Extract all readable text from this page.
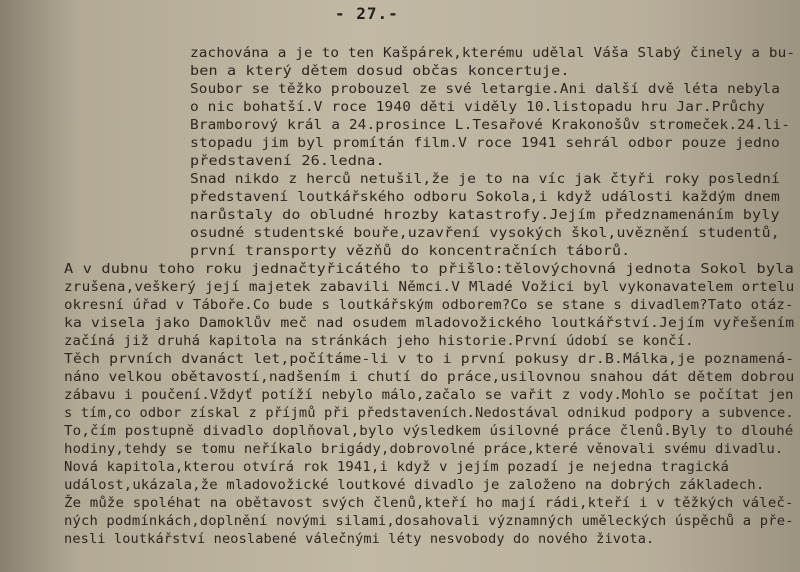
- 27.-
zachována a je to ten Kašpárek,kterému udělal Váša Slabý činely a bu-
ben a který dětem dosud občas koncertuje.
Soubor se těžko probouzel ze své letargie.Ani další dvě léta nebyla
o nic bohatší.V roce 1940 děti viděly 10.listopadu hru Jar.Průchy
Bramborový král a 24.prosince L.Tesařové Krakonošův stromeček.24.li-
stopadu jim byl promítán film.V roce 1941 sehrál odbor pouze jedno
představení 26.ledna.
Snad nikdo z herců netušil,že je to na víc jak čtyři roky poslední
představení loutkářského odboru Sokola,i když události každým dnem
narůstaly do obludné hrozby katastrofy.Jejím předznamenáním byly
osudné studentské bouře,uzavření vysokých škol,uvěznění studentů,
první transporty vězňů do koncentračních táborů.
A v dubnu toho roku jednačtyřicátého to přišlo:tělovýchovná jednota Sokol byla
zrušena,veškerý její majetek zabavili Němci.V Mladé Vožici byl vykonavatelem ortelu
okresní úřad v Táboře.Co bude s loutkářským odborem?Co se stane s divadlem?Tato otáz-
ka visela jako Damoklův meč nad osudem mladovožického loutkářství.Jejím vyřešením
začíná již druhá kapitola na stránkách jeho historie.První údobí se končí.
Těch prvních dvanáct let,počítáme-li v to i první pokusy dr.B.Málka,je poznamená-
náno velkou obětavostí,nadšením i chutí do práce,usilovnou snahou dát dětem dobrou
zábavu i poučení.Vždyť potíží nebylo málo,začalo se vařit z vody.Mohlo se počítat jen
s tím,co odbor získal z příjmů při představeních.Nedostával odnikud podpory a subvence.
To,čím postupně divadlo doplňoval,bylo výsledkem úsilovné práce členů.Byly to dlouhé
hodiny,tehdy se tomu neříkalo brigády,dobrovolné práce,které věnovali svému divadlu.
Nová kapitola,kterou otvírá rok 1941,i když v jejím pozadí je nejedna tragická
událost,ukázala,že mladovožické loutkové divadlo je založeno na dobrých základech.
Že může spoléhat na obětavost svých členů,kteří ho mají rádi,kteří i v těžkých váleč-
ných podmínkách,doplnění novými silami,dosahovali významných uměleckých úspěchů a pře-
nesli loutkářství neoslabené válečnými léty nesvobody do nového života.
